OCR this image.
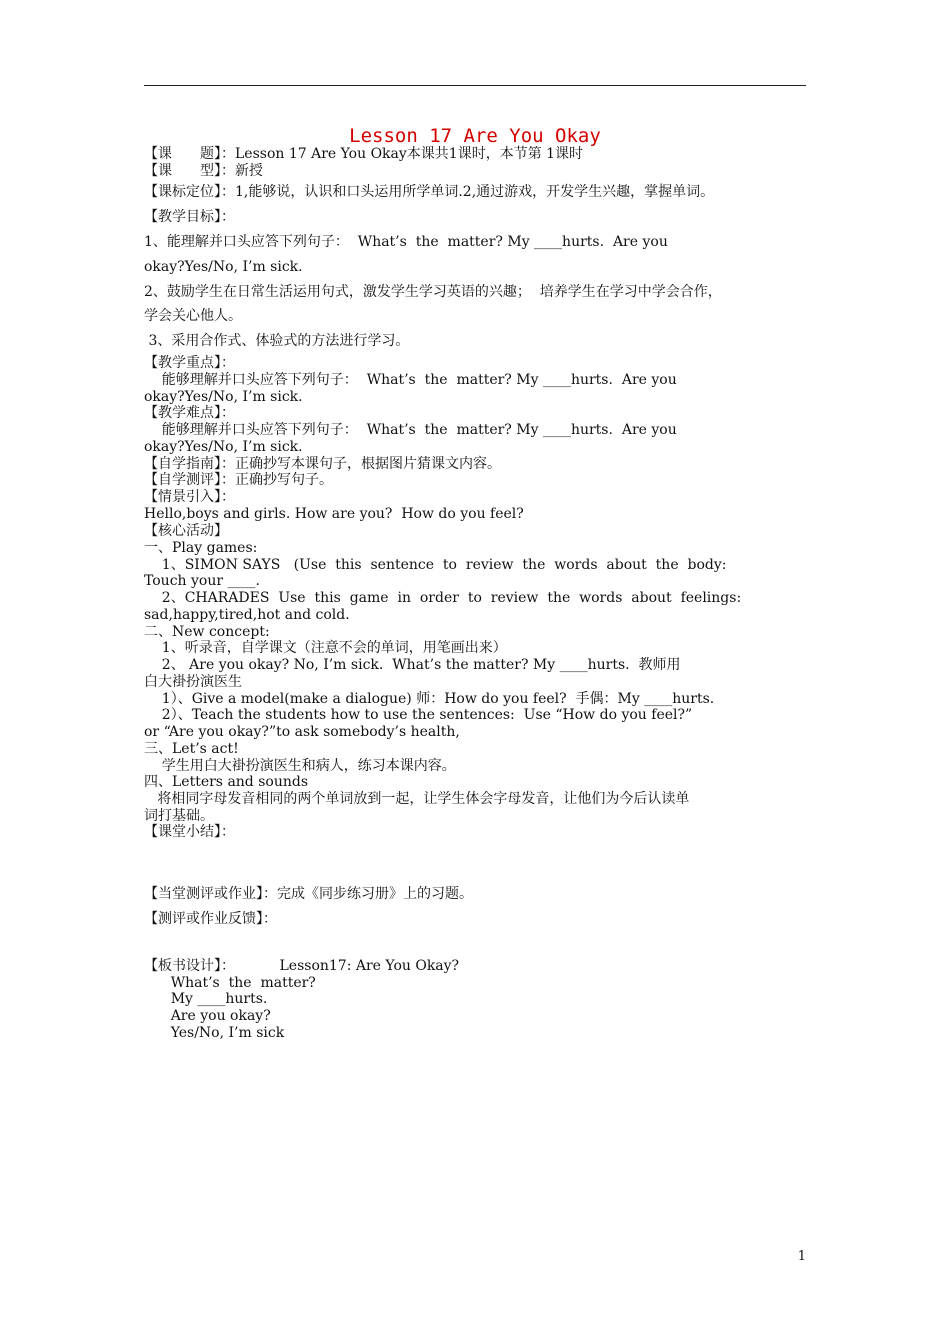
Lesson 17 Are You Okay
【课　　题】：Lesson 17 Are You Okay本课共1课时，本节第 1课时
【课　　型】：新授
【课标定位】：1,能够说，认识和口头运用所学单词.2,通过游戏，开发学生兴趣，掌握单词。
【教学目标】：
1、能理解并口头应答下列句子：  What’s  the  matter? My ____hurts.  Are you
okay?Yes/No, I’m sick.
2、鼓励学生在日常生活运用句式，激发学生学习英语的兴趣；  培养学生在学习中学会合作，
学会关心他人。
3、采用合作式、体验式的方法进行学习。
【教学重点】：
能够理解并口头应答下列句子：  What’s  the  matter? My ____hurts.  Are you
okay?Yes/No, I’m sick.
【教学难点】：
能够理解并口头应答下列句子：  What’s  the  matter? My ____hurts.  Are you
okay?Yes/No, I’m sick.
【自学指南】：正确抄写本课句子，根据图片猜课文内容。
【自学测评】：正确抄写句子。
【情景引入】：
Hello,boys and girls. How are you?  How do you feel?
【核心活动】
一、Play games:
1、SIMON SAYS   (Use  this  sentence  to  review  the  words  about  the  body:
Touch your ____.
2、CHARADES  Use  this  game  in  order  to  review  the  words  about  feelings:
sad,happy,tired,hot and cold.
二、New concept:
1、听录音，自学课文（注意不会的单词，用笔画出来）
2、 Are you okay? No, I’m sick.  What’s the matter? My ____hurts.  教师用
白大褂扮演医生
1）、Give a model(make a dialogue) 师：How do you feel?  手偶：My ____hurts.
2）、Teach the students how to use the sentences:  Use “How do you feel?”
or “Are you okay?”to ask somebody’s health,
三、Let’s act!
学生用白大褂扮演医生和病人，练习本课内容。
四、Letters and sounds
将相同字母发音相同的两个单词放到一起，让学生体会字母发音，让他们为今后认读单
词打基础。
【课堂小结】：
【当堂测评或作业】：完成《同步练习册》上的习题。
【测评或作业反馈】：
【板书设计】：          Lesson17: Are You Okay?
What’s  the  matter?
My ____hurts.
Are you okay?
Yes/No, I’m sick
1
